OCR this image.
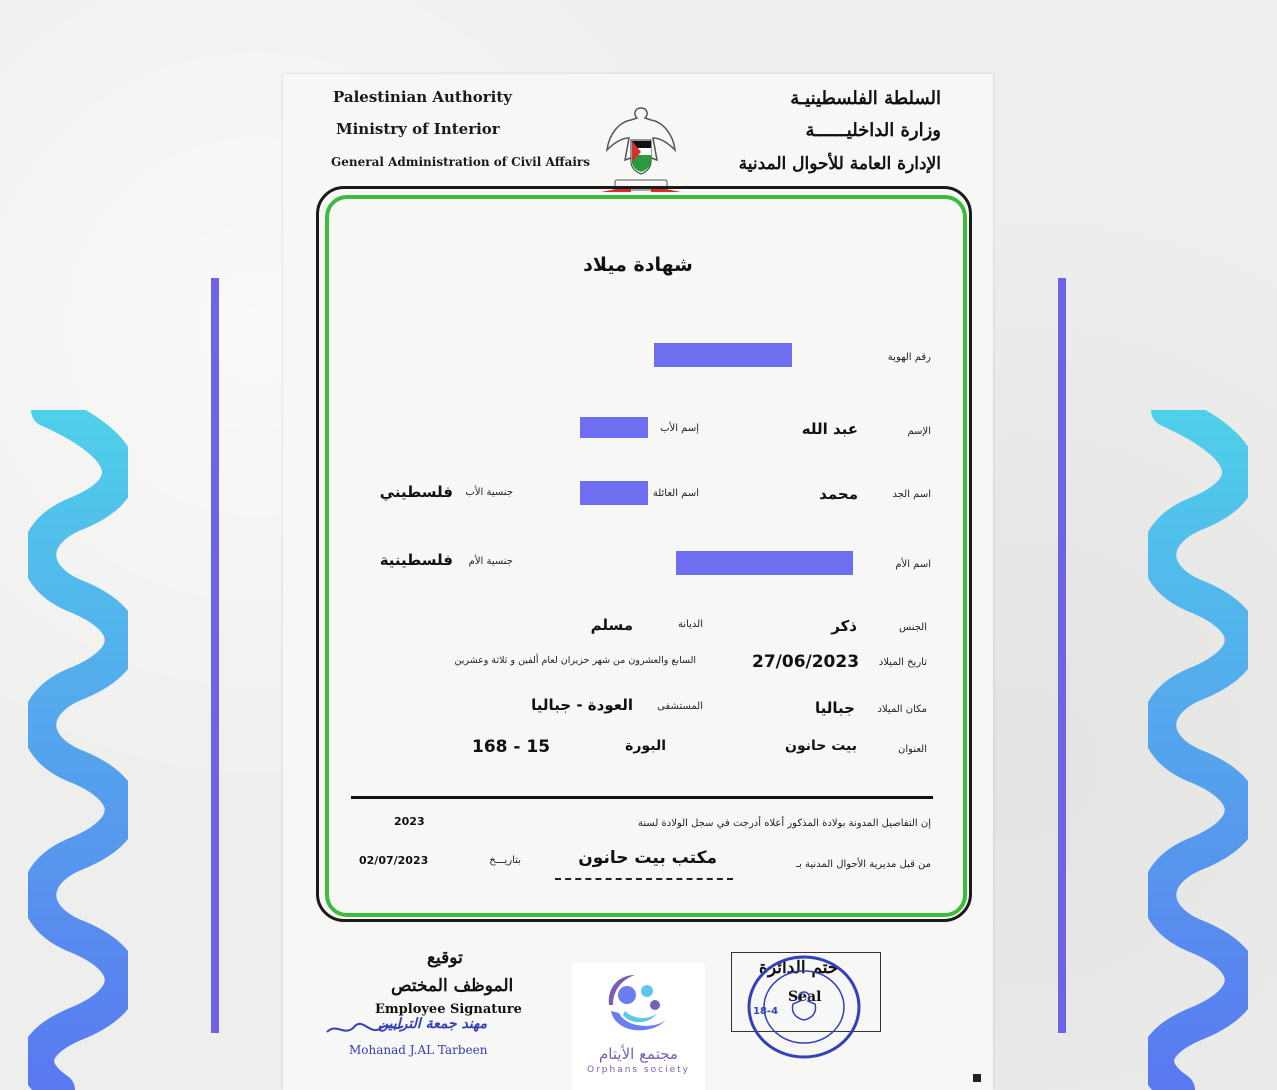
Palestinian Authority
Ministry of Interior
General Administration of Civil Affairs
السلطة الفلسطينيـة
وزارة الداخليــــــة
الإدارة العامة للأحوال المدنية
شهادة ميلاد
رقم الهوية
الإسم
عبد الله
إسم الأب
اسم الجد
محمد
اسم العائلة
جنسية الأب
فلسطيني
اسم الأم
جنسية الأم
فلسطينية
الجنس
ذكر
الديانة
مسلم
تاريخ الميلاد
27/06/2023
السابع والعشرون من شهر حزيران لعام ألفين و ثلاثة وعشرين
مكان الميلاد
جباليا
المستشفى
العودة - جباليا
العنوان
بيت حانون
البورة
168 - 15
إن التفاصيل المدونة بولادة المذكور أعلاه أدرجت في سجل الولادة لسنة
2023
من قبل مديرية الأحوال المدنية بـ
مكتب بيت حانون
بتاريـــخ
02/07/2023
توقيع
الموظف المختص
Employee Signature
مهند جمعة الترابين
Mohanad J.AL Tarbeen
ختم الدائرة
Seal
18-4
مجتمع الأيتام
Orphans society
